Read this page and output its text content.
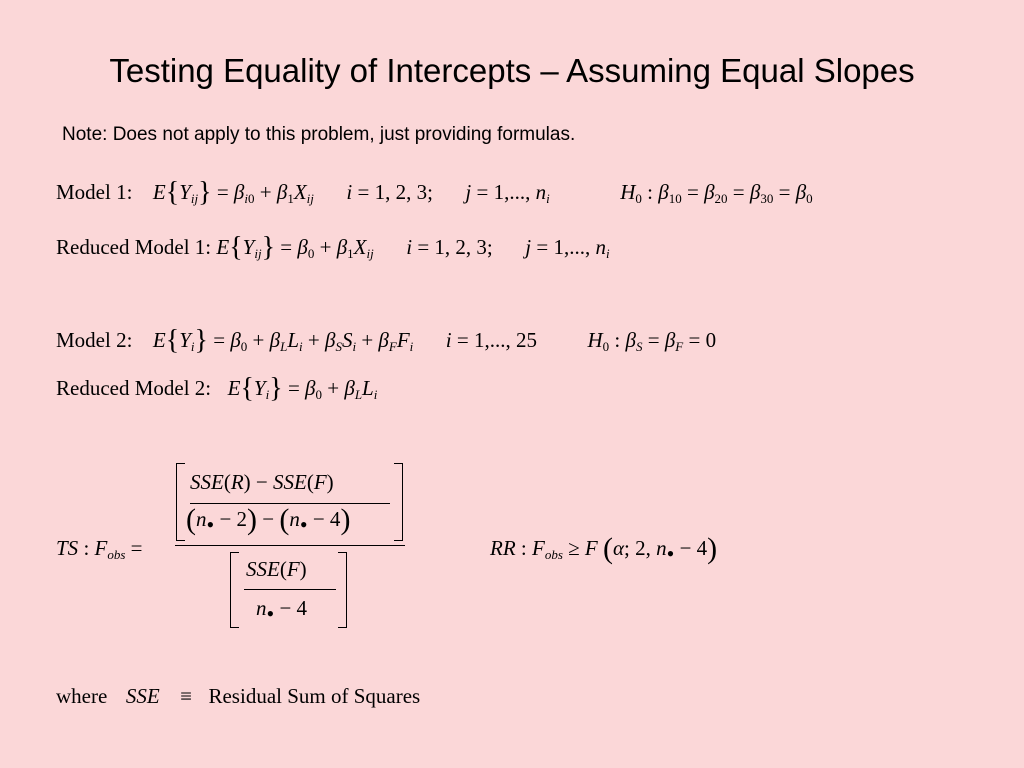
Testing Equality of Intercepts – Assuming Equal Slopes
Note: Does not apply to this problem, just providing formulas.
Model 1: $E\{Y_{ij}\} = \beta_{i0} + \beta_1X_{ij}$ i = 1, 2, 3;  j = 1,..., $n_i$	$H_0$ : $\beta_{10} = \beta_{20} = \beta_{30} = \beta_0$
Reduced Model 1: $E\{Y_{ij}\} = \beta_0 + \beta_1X_{ij}$ i = 1, 2, 3;  j = 1,..., $n_i$
Model 2: $E\{Y_i\} = \beta_0 + \beta_LL_i + \beta_SS_i + \beta_FF_i$ i = 1,..., 25  $H_0$ : $\beta_S = \beta_F = 0$
Reduced Model 2: $E\{Y_i\} = \beta_0 + \beta_LL_i$
TS : $F_{obs}$ =
SSE(R) − SSE(F)
(n• − 2) − (n• − 4)
SSE(F)
n• − 4
RR : $F_{obs} \ge F$ (α; 2, n• − 4)
where SSE ≡ Residual Sum of Squares
